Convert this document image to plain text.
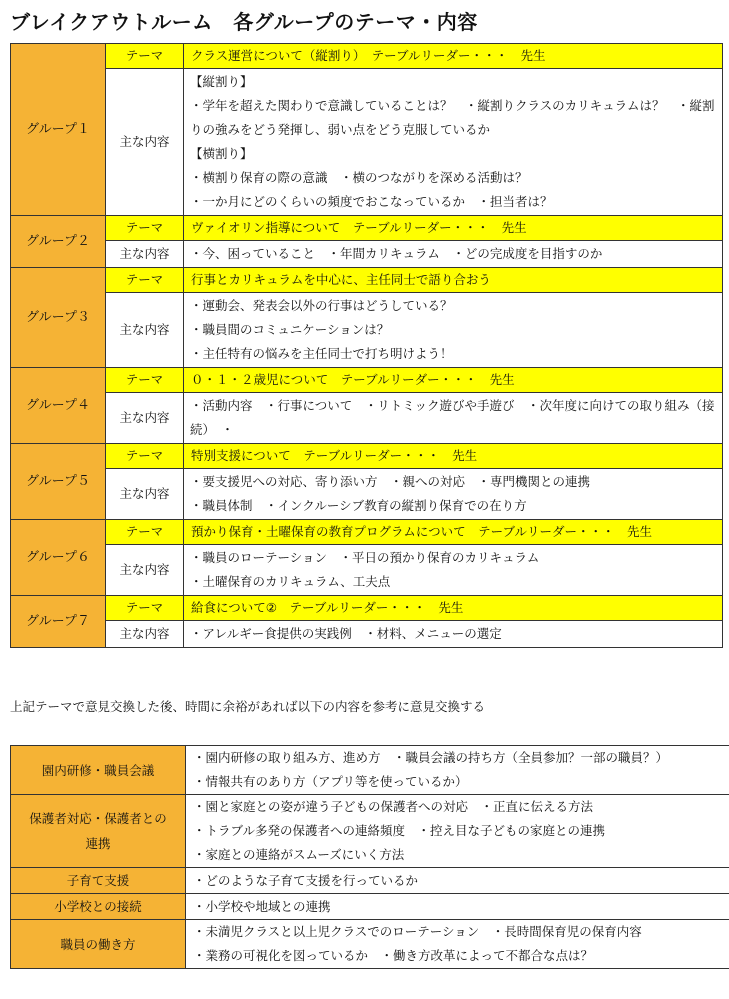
ブレイクアウトルーム　各グループのテーマ・内容
グループ１	テーマ	クラス運営について（縦割り）　テーブルリーダー・・・　先生
	主な内容	【縦割り】
・学年を超えた関わりで意識していることは？　・縦割りクラスのカリキュラムは？　・縦割りの強みをどう発揮し、弱い点をどう克服しているか
【横割り】
・横割り保育の際の意識　・横のつながりを深める活動は？
・一か月にどのくらいの頻度でおこなっているか　・担当者は？

グループ２	テーマ	ヴァイオリン指導について　テーブルリーダー・・・　先生
	主な内容	・今、困っていること　・年間カリキュラム　・どの完成度を目指すのか

グループ３	テーマ	行事とカリキュラムを中心に、主任同士で語り合おう
	主な内容	・運動会、発表会以外の行事はどうしている？
・職員間のコミュニケーションは？
・主任特有の悩みを主任同士で打ち明けよう！

グループ４	テーマ	０・１・２歳児について　テーブルリーダー・・・　先生
	主な内容	・活動内容　・行事について　・リトミック遊びや手遊び　・次年度に向けての取り組み（接続）　・

グループ５	テーマ	特別支援について　テーブルリーダー・・・　先生
	主な内容	・要支援児への対応、寄り添い方　・親への対応　・専門機関との連携
・職員体制　・インクルーシブ教育の縦割り保育での在り方

グループ６	テーマ	預かり保育・土曜保育の教育プログラムについて　テーブルリーダー・・・　先生
	主な内容	・職員のローテーション　・平日の預かり保育のカリキュラム
・土曜保育のカリキュラム、工夫点

グループ７	テーマ	給食について②　テーブルリーダー・・・　先生
	主な内容	・アレルギー食提供の実践例　・材料、メニューの選定
上記テーマで意見交換した後、時間に余裕があれば以下の内容を参考に意見交換する
園内研修・職員会議	・園内研修の取り組み方、進め方　・職員会議の持ち方（全員参加？一部の職員？）
・情報共有のあり方（アプリ等を使っているか）

保護者対応・保護者との連携	・園と家庭との姿が違う子どもの保護者への対応　・正直に伝える方法
・トラブル多発の保護者への連絡頻度　・控え目な子どもの家庭との連携
・家庭との連絡がスムーズにいく方法

子育て支援	・どのような子育て支援を行っているか

小学校との接続	・小学校や地域との連携

職員の働き方	・未満児クラスと以上児クラスでのローテーション　・長時間保育児の保育内容
・業務の可視化を図っているか　・働き方改革によって不都合な点は？
